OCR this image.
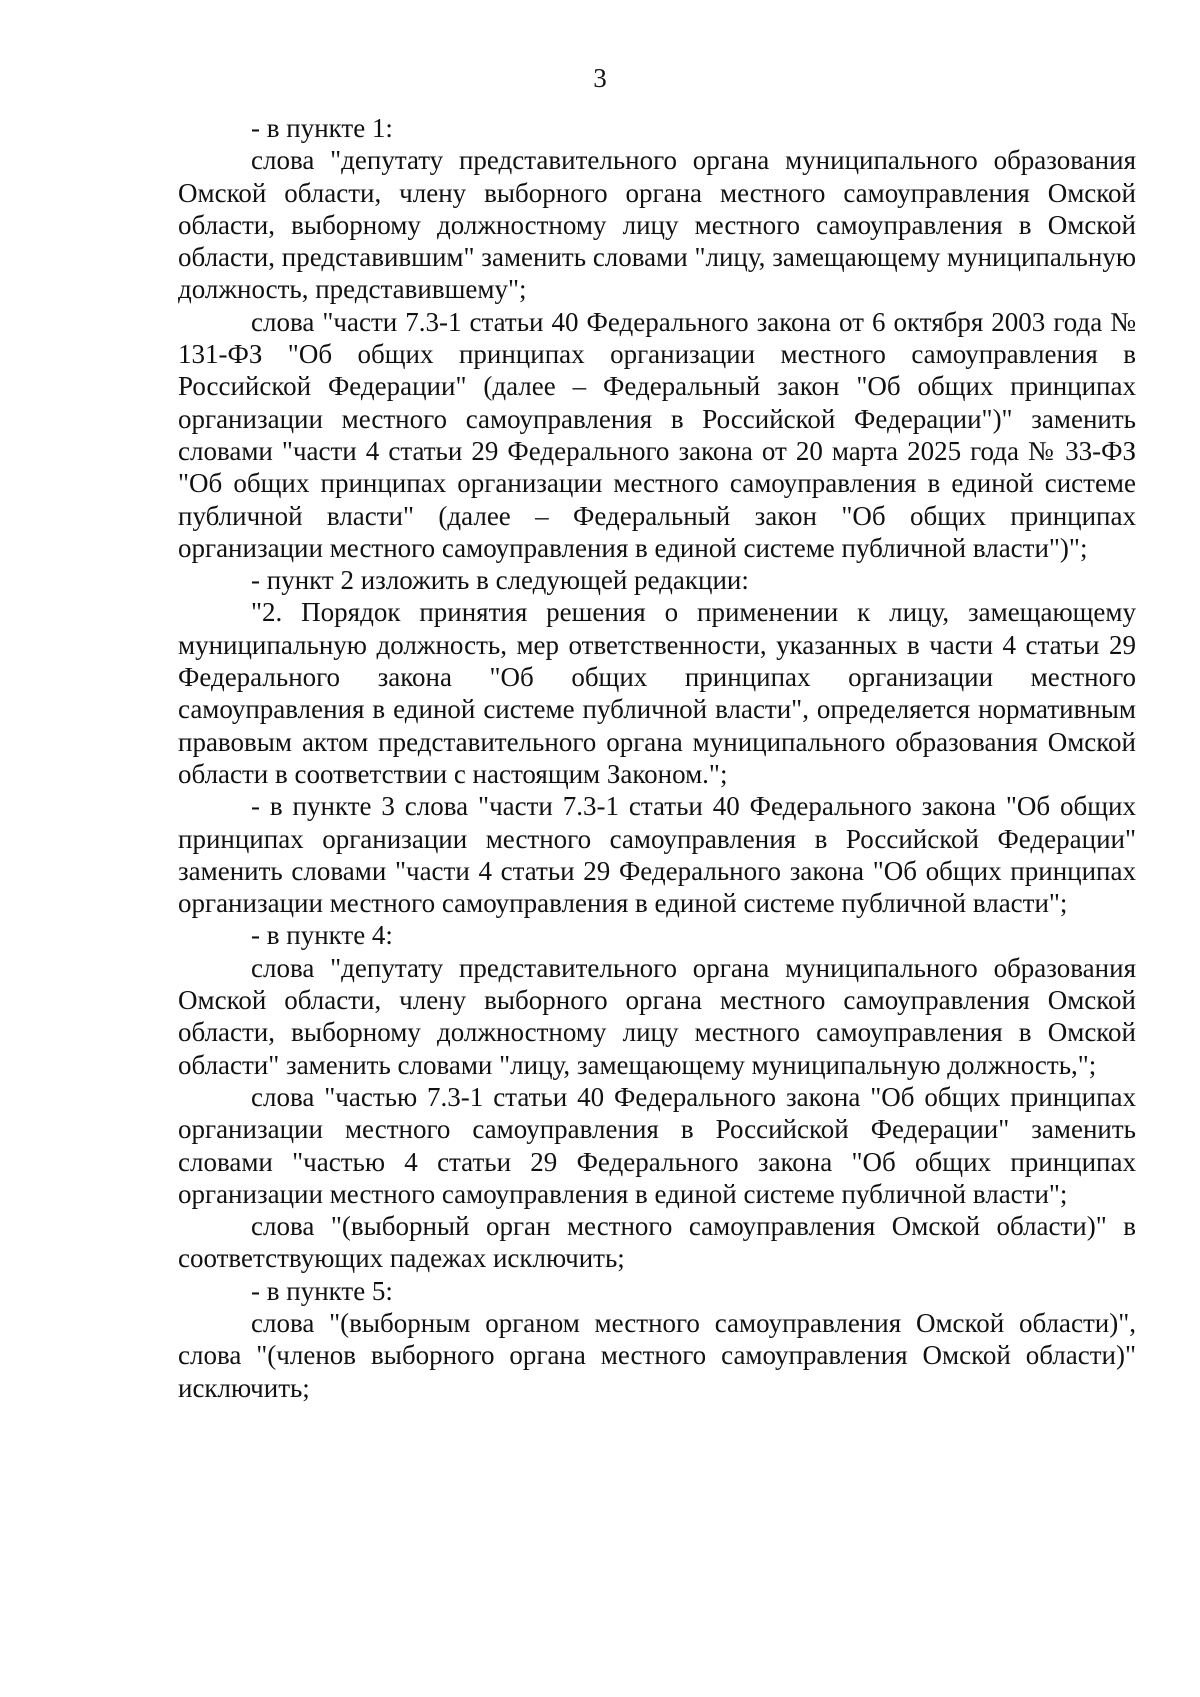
3

- в пункте 1:

слова "депутату представительного органа муниципального образования Омской области, члену выборного органа местного самоуправления Омской области, выборному должностному лицу местного самоуправления в Омской области, представившим" заменить словами "лицу, замещающему муниципальную должность, представившему";

слова "части 7.3-1 статьи 40 Федерального закона от 6 октября 2003 года № 131-ФЗ "Об общих принципах организации местного самоуправления в Российской Федерации" (далее – Федеральный закон "Об общих принципах организации местного самоуправления в Российской Федерации")" заменить словами "части 4 статьи 29 Федерального закона от 20 марта 2025 года № 33-ФЗ "Об общих принципах организации местного самоуправления в единой системе публичной власти" (далее – Федеральный закон "Об общих принципах организации местного самоуправления в единой системе публичной власти")";

- пункт 2 изложить в следующей редакции:

"2. Порядок принятия решения о применении к лицу, замещающему муниципальную должность, мер ответственности, указанных в части 4 статьи 29 Федерального закона "Об общих принципах организации местного самоуправления в единой системе публичной власти", определяется нормативным правовым актом представительного органа муниципального образования Омской области в соответствии с настоящим Законом.";

- в пункте 3 слова "части 7.3-1 статьи 40 Федерального закона "Об общих принципах организации местного самоуправления в Российской Федерации" заменить словами "части 4 статьи 29 Федерального закона "Об общих принципах организации местного самоуправления в единой системе публичной власти";

- в пункте 4:

слова "депутату представительного органа муниципального образования Омской области, члену выборного органа местного самоуправления Омской области, выборному должностному лицу местного самоуправления в Омской области" заменить словами "лицу, замещающему муниципальную должность,";

слова "частью 7.3-1 статьи 40 Федерального закона "Об общих принципах организации местного самоуправления в Российской Федерации" заменить словами "частью 4 статьи 29 Федерального закона "Об общих принципах организации местного самоуправления в единой системе публичной власти";

слова "(выборный орган местного самоуправления Омской области)" в соответствующих падежах исключить;

- в пункте 5:

слова "(выборным органом местного самоуправления Омской области)", слова "(членов выборного органа местного самоуправления Омской области)" исключить;
